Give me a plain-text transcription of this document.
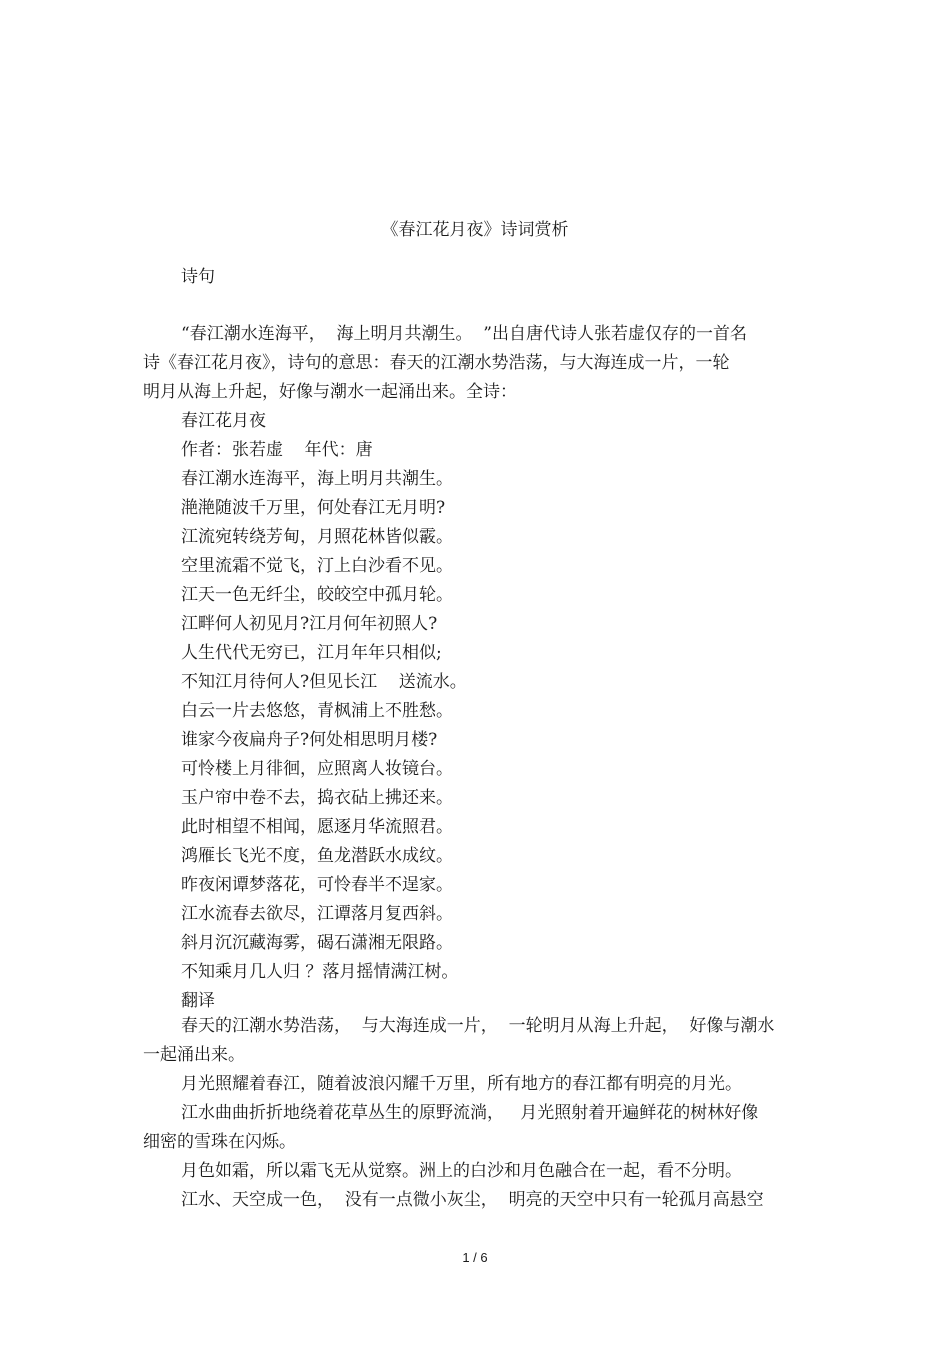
《春江花月夜》诗词赏析
诗句
“春江潮水连海平，  海上明月共潮生。  ”出自唐代诗人张若虚仅存的一首名
诗《春江花月夜》，诗句的意思：春天的江潮水势浩荡，与大海连成一片，一轮
明月从海上升起，好像与潮水一起涌出来。全诗：
春江花月夜
作者：张若虚    年代：唐
春江潮水连海平，海上明月共潮生。
滟滟随波千万里，何处春江无月明?
江流宛转绕芳甸，月照花林皆似霰。
空里流霜不觉飞，汀上白沙看不见。
江天一色无纤尘，皎皎空中孤月轮。
江畔何人初见月?江月何年初照人?
人生代代无穷已，江月年年只相似;
不知江月待何人?但见长江    送流水。
白云一片去悠悠，青枫浦上不胜愁。
谁家今夜扁舟子?何处相思明月楼?
可怜楼上月徘徊，应照离人妆镜台。
玉户帘中卷不去，捣衣砧上拂还来。
此时相望不相闻，愿逐月华流照君。
鸿雁长飞光不度，鱼龙潜跃水成纹。
昨夜闲谭梦落花，可怜春半不逞家。
江水流春去欲尽，江谭落月复西斜。
斜月沉沉藏海雾，碣石潇湘无限路。
不知乘月几人归 ？落月摇情满江树。
翻译
春天的江潮水势浩荡，  与大海连成一片，  一轮明月从海上升起，  好像与潮水
一起涌出来。
月光照耀着春江，随着波浪闪耀千万里，所有地方的春江都有明亮的月光。
江水曲曲折折地绕着花草丛生的原野流淌，   月光照射着开遍鲜花的树林好像
细密的雪珠在闪烁。
月色如霜，所以霜飞无从觉察。洲上的白沙和月色融合在一起，看不分明。
江水、天空成一色，  没有一点微小灰尘，  明亮的天空中只有一轮孤月高悬空
1 / 6
